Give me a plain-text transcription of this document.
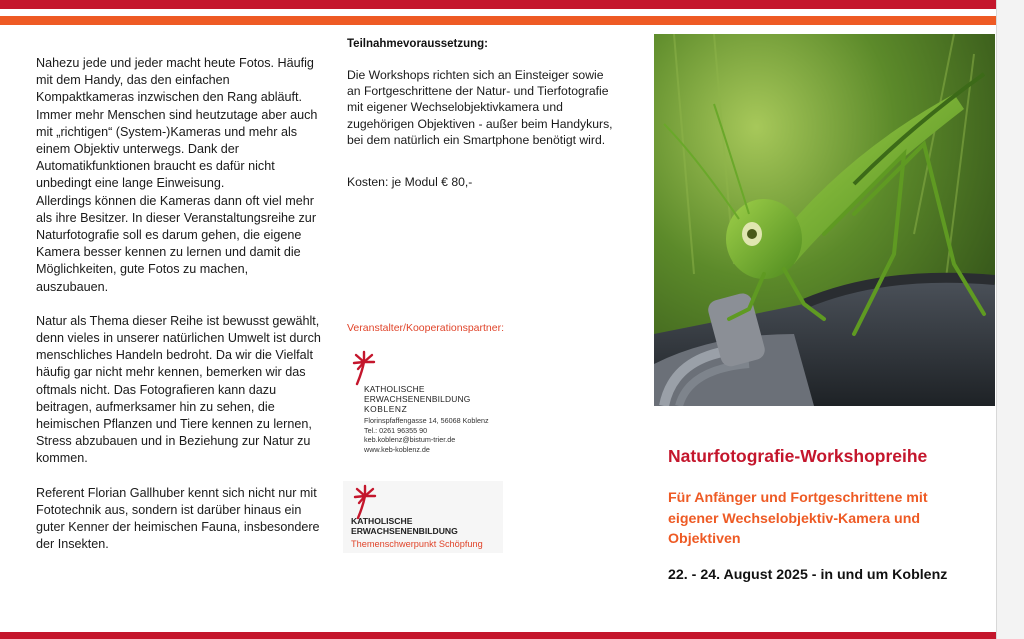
Nahezu jede und jeder macht heute Fotos. Häufig mit dem Handy, das den einfachen Kompaktkameras inzwischen den Rang abläuft. Immer mehr Menschen sind heutzutage aber auch mit „richtigen“ (System-)Kameras und mehr als einem Objektiv unterwegs. Dank der Automatikfunktionen braucht es dafür nicht unbedingt eine lange Einweisung.

Allerdings können die Kameras dann oft viel mehr als ihre Besitzer. In dieser Veranstaltungsreihe zur Naturfotografie soll es darum gehen, die eigene Kamera besser kennen zu lernen und damit die Möglichkeiten, gute Fotos zu machen, auszubauen.

Natur als Thema dieser Reihe ist bewusst gewählt, denn vieles in unserer natürlichen Umwelt ist durch menschliches Handeln bedroht. Da wir die Vielfalt häufig gar nicht mehr kennen, bemerken wir das oftmals nicht. Das Fotografieren kann dazu beitragen, aufmerksamer hin zu sehen, die heimischen Pflanzen und Tiere kennen zu lernen, Stress abzubauen und in Beziehung zur Natur zu kommen.

Referent Florian Gallhuber kennt sich nicht nur mit Fototechnik aus, sondern ist darüber hinaus ein guter Kenner der heimischen Fauna, insbesondere der Insekten.

Teilnahmevoraussetzung:

Die Workshops richten sich an Einsteiger sowie an Fortgeschrittene der Natur- und Tierfotografie mit eigener Wechselobjektivkamera und zugehörigen Objektiven - außer beim Handykurs, bei dem natürlich ein Smartphone benötigt wird.

Kosten: je Modul € 80,-

Veranstalter/Kooperationspartner:
KATHOLISCHE
ERWACHSENENBILDUNG
KOBLENZ
Florinspfaffengasse 14, 56068 Koblenz
Tel.: 0261 96355 90
keb.koblenz@bistum-trier.de
www.keb-koblenz.de
KATHOLISCHE
ERWACHSENENBILDUNG
Themenschwerpunkt Schöpfung
Naturfotografie-Workshopreihe
Für Anfänger und Fortgeschrittene mit eigener Wechselobjektiv-Kamera und Objektiven
22. - 24. August 2025 - in und um Koblenz
